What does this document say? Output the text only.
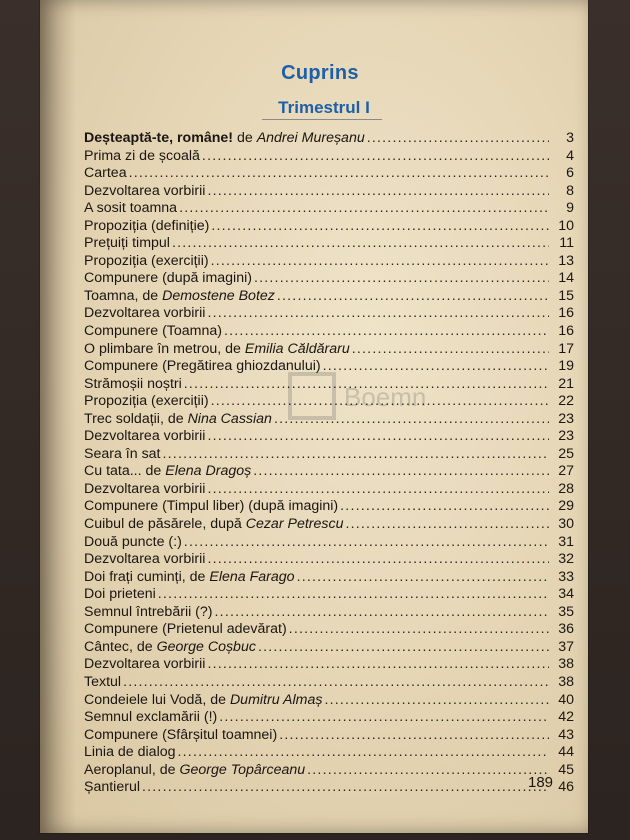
Boemn
Cuprins
Trimestrul I
Deșteaptă-te, române! de Andrei Mureșanu .....	3
Prima zi de școală .....	4
Cartea .....	6
Dezvoltarea vorbirii .....	8
A sosit toamna .....	9
Propoziția (definiție) .....	10
Prețuiți timpul .....	11
Propoziția (exerciții) .....	13
Compunere (după imagini) .....	14
Toamna, de Demostene Botez .....	15
Dezvoltarea vorbirii .....	16
Compunere (Toamna) .....	16
O plimbare în metrou, de Emilia Căldăraru .....	17
Compunere (Pregătirea ghiozdanului) .....	19
Strămoșii noștri .....	21
Propoziția (exerciții) .....	22
Trec soldații, de Nina Cassian .....	23
Dezvoltarea vorbirii .....	23
Seara în sat .....	25
Cu tata... de Elena Dragoș .....	27
Dezvoltarea vorbirii .....	28
Compunere (Timpul liber) (după imagini) .....	29
Cuibul de păsărele, după Cezar Petrescu .....	30
Două puncte (:) .....	31
Dezvoltarea vorbirii .....	32
Doi frați cuminți, de Elena Farago .....	33
Doi prieteni .....	34
Semnul întrebării (?) .....	35
Compunere (Prietenul adevărat) .....	36
Cântec, de George Coșbuc .....	37
Dezvoltarea vorbirii .....	38
Textul .....	38
Condeiele lui Vodă, de Dumitru Almaș .....	40
Semnul exclamării (!) .....	42
Compunere (Sfârșitul toamnei) .....	43
Linia de dialog .....	44
Aeroplanul, de George Topârceanu .....	45
Șantierul .....	46
189
